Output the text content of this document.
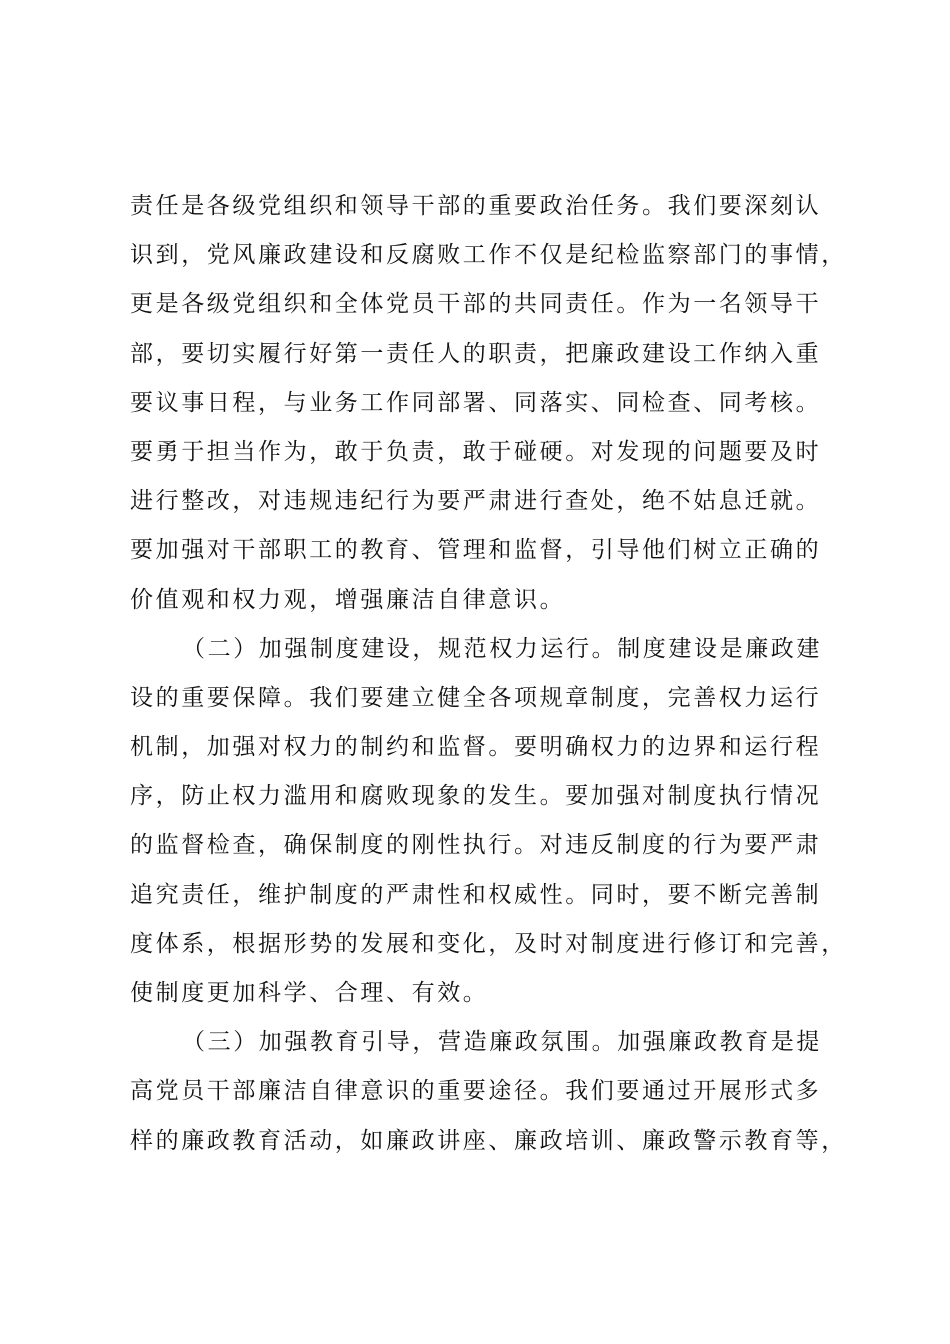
责任是各级党组织和领导干部的重要政治任务。我们要深刻认
识到，党风廉政建设和反腐败工作不仅是纪检监察部门的事情，
更是各级党组织和全体党员干部的共同责任。作为一名领导干
部，要切实履行好第一责任人的职责，把廉政建设工作纳入重
要议事日程，与业务工作同部署、同落实、同检查、同考核。
要勇于担当作为，敢于负责，敢于碰硬。对发现的问题要及时
进行整改，对违规违纪行为要严肃进行查处，绝不姑息迁就。
要加强对干部职工的教育、管理和监督，引导他们树立正确的
价值观和权力观，增强廉洁自律意识。
（二）加强制度建设，规范权力运行。制度建设是廉政建
设的重要保障。我们要建立健全各项规章制度，完善权力运行
机制，加强对权力的制约和监督。要明确权力的边界和运行程
序，防止权力滥用和腐败现象的发生。要加强对制度执行情况
的监督检查，确保制度的刚性执行。对违反制度的行为要严肃
追究责任，维护制度的严肃性和权威性。同时，要不断完善制
度体系，根据形势的发展和变化，及时对制度进行修订和完善，
使制度更加科学、合理、有效。
（三）加强教育引导，营造廉政氛围。加强廉政教育是提
高党员干部廉洁自律意识的重要途径。我们要通过开展形式多
样的廉政教育活动，如廉政讲座、廉政培训、廉政警示教育等，
